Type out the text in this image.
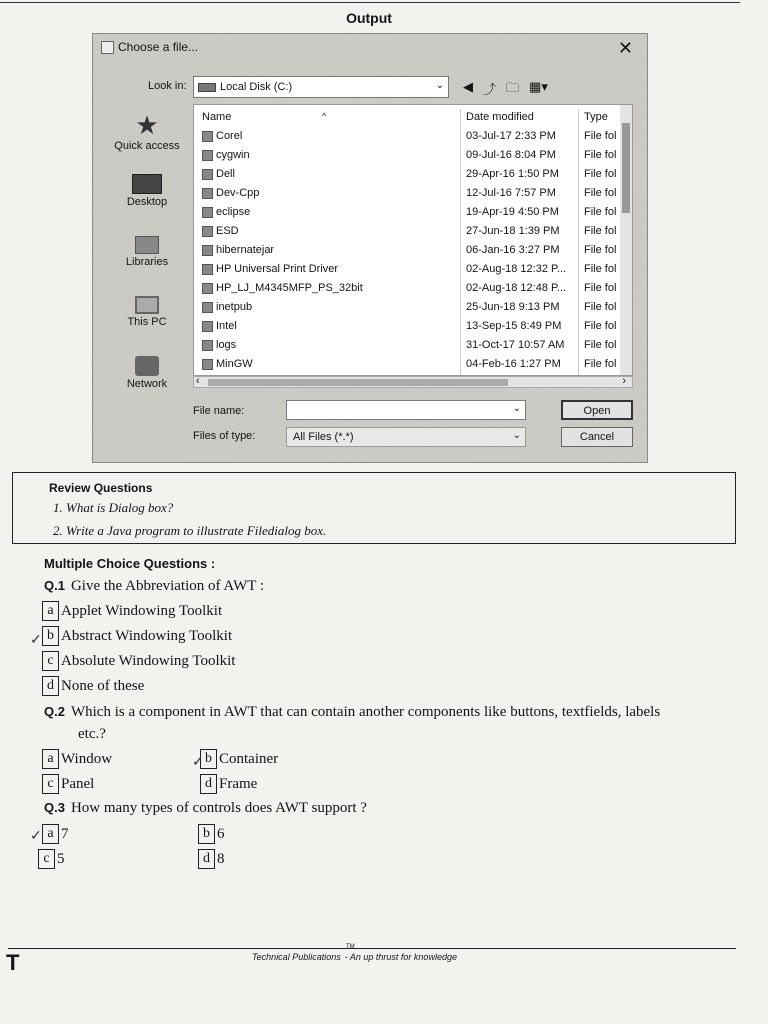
Output
Choose a file...	✕
Look in:	Local Disk (C:)	⌄ ◀ ⤴ 🗀 ▦▾
★
Quick access
Desktop
Libraries
This PC
Network
Name	^	Date modified	Type
Corel	03-Jul-17 2:33 PM	File fol
cygwin	09-Jul-16 8:04 PM	File fol
Dell	29-Apr-16 1:50 PM File fol
Dev-Cpp	12-Jul-16 7:57 PM	File fol
eclipse	19-Apr-19 4:50 PM File fol
ESD	27-Jun-18 1:39 PM File fol
hibernatejar	06-Jan-16 3:27 PM File fol
HP Universal Print Driver	02-Aug-18 12:32 P... File fol
HP_LJ_M4345MFP_PS_32bit	02-Aug-18 12:48 P... File fol
inetpub	25-Jun-18 9:13 PM File fol
Intel	13-Sep-15 8:49 PM File fol
logs	31-Oct-17 10:57 AM File fol
MinGW	04-Feb-16 1:27 PM File fol
‹	›
File name:	⌄
Files of type:	All Files (*.*)	⌄
Open
Cancel
Review Questions
1. What is Dialog box?
2. Write a Java program to illustrate Filedialog box.
Multiple Choice Questions :
Q.1 Give the Abbreviation of AWT :
a Applet Windowing Toolkit
b Abstract Windowing Toolkit
✓
c Absolute Windowing Toolkit
d None of these
Q.2 Which is a component in AWT that can contain another components like buttons, textfields, labels
etc.?
a Window	b Container
✓
c Panel	d Frame
Q.3 How many types of controls does AWT support ?
a 7
✓	b 6
c 5	d 8
T
TM
Technical Publications - An up thrust for knowledge
